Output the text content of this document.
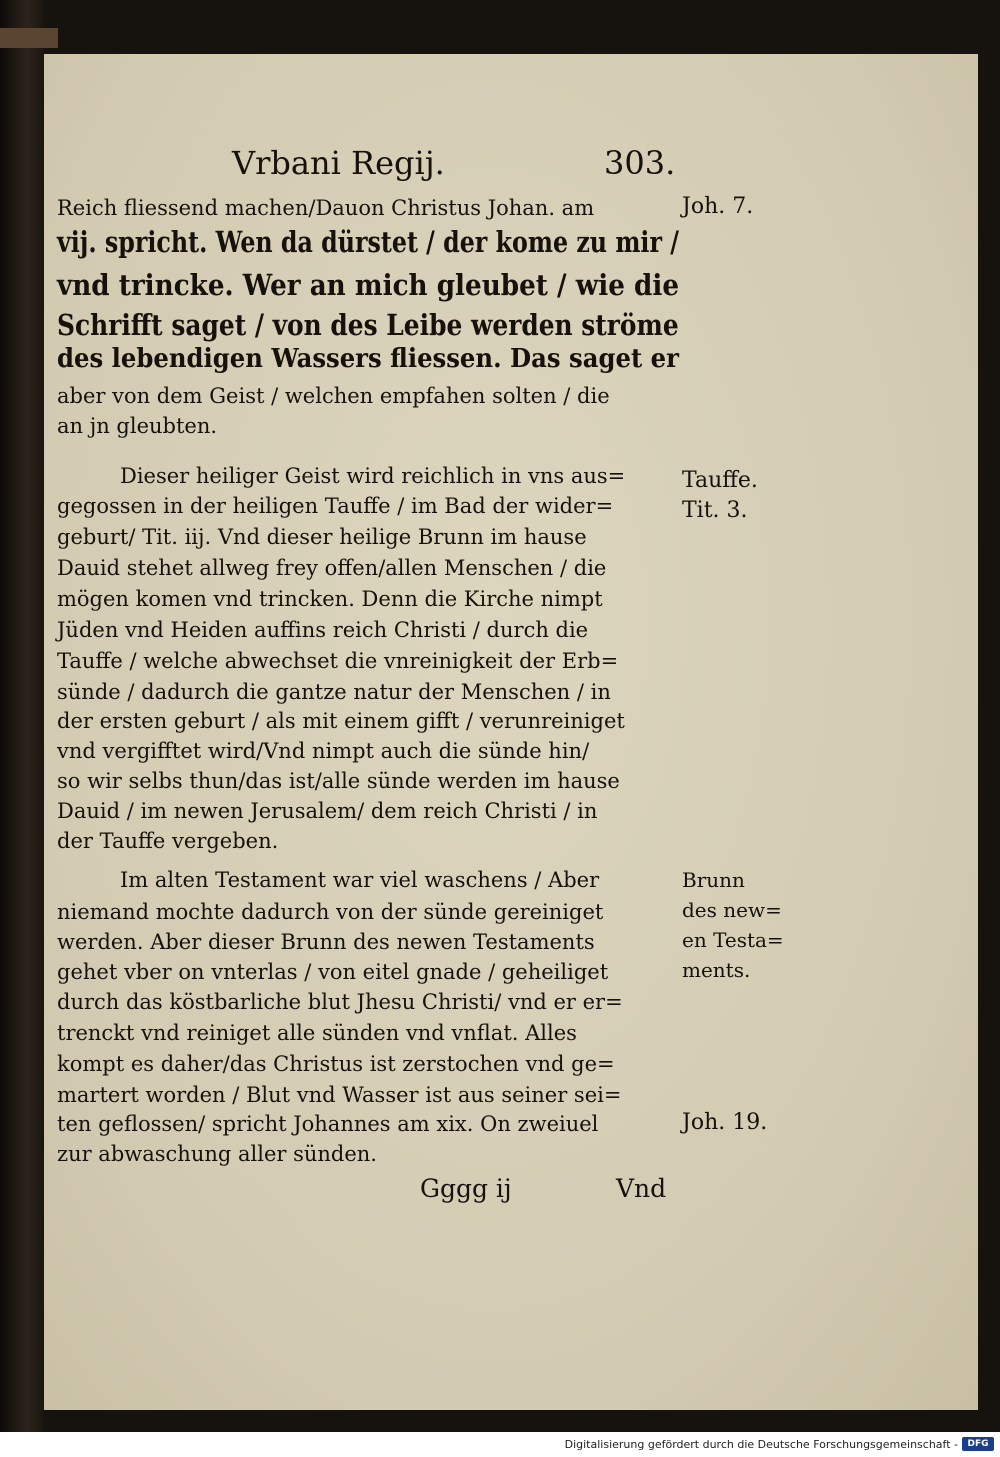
Vrbani Regij.	303.

Reich fliessend machen/Dauon Christus Johan. am

vij. spricht. Wen da dürstet / der kome zu mir /

vnd trincke. Wer an mich gleubet / wie die

Schrifft saget / von des Leibe werden ströme

des lebendigen Wassers fliessen. Das saget er

aber von dem Geist / welchen empfahen solten / die

an jn gleubten.

Dieser heiliger Geist wird reichlich in vns aus=

gegossen in der heiligen Tauffe / im Bad der wider=

geburt/ Tit. iij. Vnd dieser heilige Brunn im hause

Dauid stehet allweg frey offen/allen Menschen / die

mögen komen vnd trincken. Denn die Kirche nimpt

Jüden vnd Heiden auffins reich Christi / durch die

Tauffe / welche abwechset die vnreinigkeit der Erb=

sünde / dadurch die gantze natur der Menschen / in

der ersten geburt / als mit einem gifft / verunreiniget

vnd vergifftet wird/Vnd nimpt auch die sünde hin/

so wir selbs thun/das ist/alle sünde werden im hause

Dauid / im newen Jerusalem/ dem reich Christi / in

der Tauffe vergeben.

Im alten Testament war viel waschens / Aber

niemand mochte dadurch von der sünde gereiniget

werden. Aber dieser Brunn des newen Testaments

gehet vber on vnterlas / von eitel gnade / geheiliget

durch das köstbarliche blut Jhesu Christi/ vnd er er=

trenckt vnd reiniget alle sünden vnd vnflat. Alles

kompt es daher/das Christus ist zerstochen vnd ge=

martert worden / Blut vnd Wasser ist aus seiner sei=

ten geflossen/ spricht Johannes am xix. On zweiuel

zur abwaschung aller sünden.

Joh. 7.

Tauffe.

Tit. 3.

Brunn

des new=

en Testa=

ments.

Joh. 19.

Gggg ij	Vnd

Digitalisierung gefördert durch die Deutsche Forschungsgemeinschaft -	DFG
